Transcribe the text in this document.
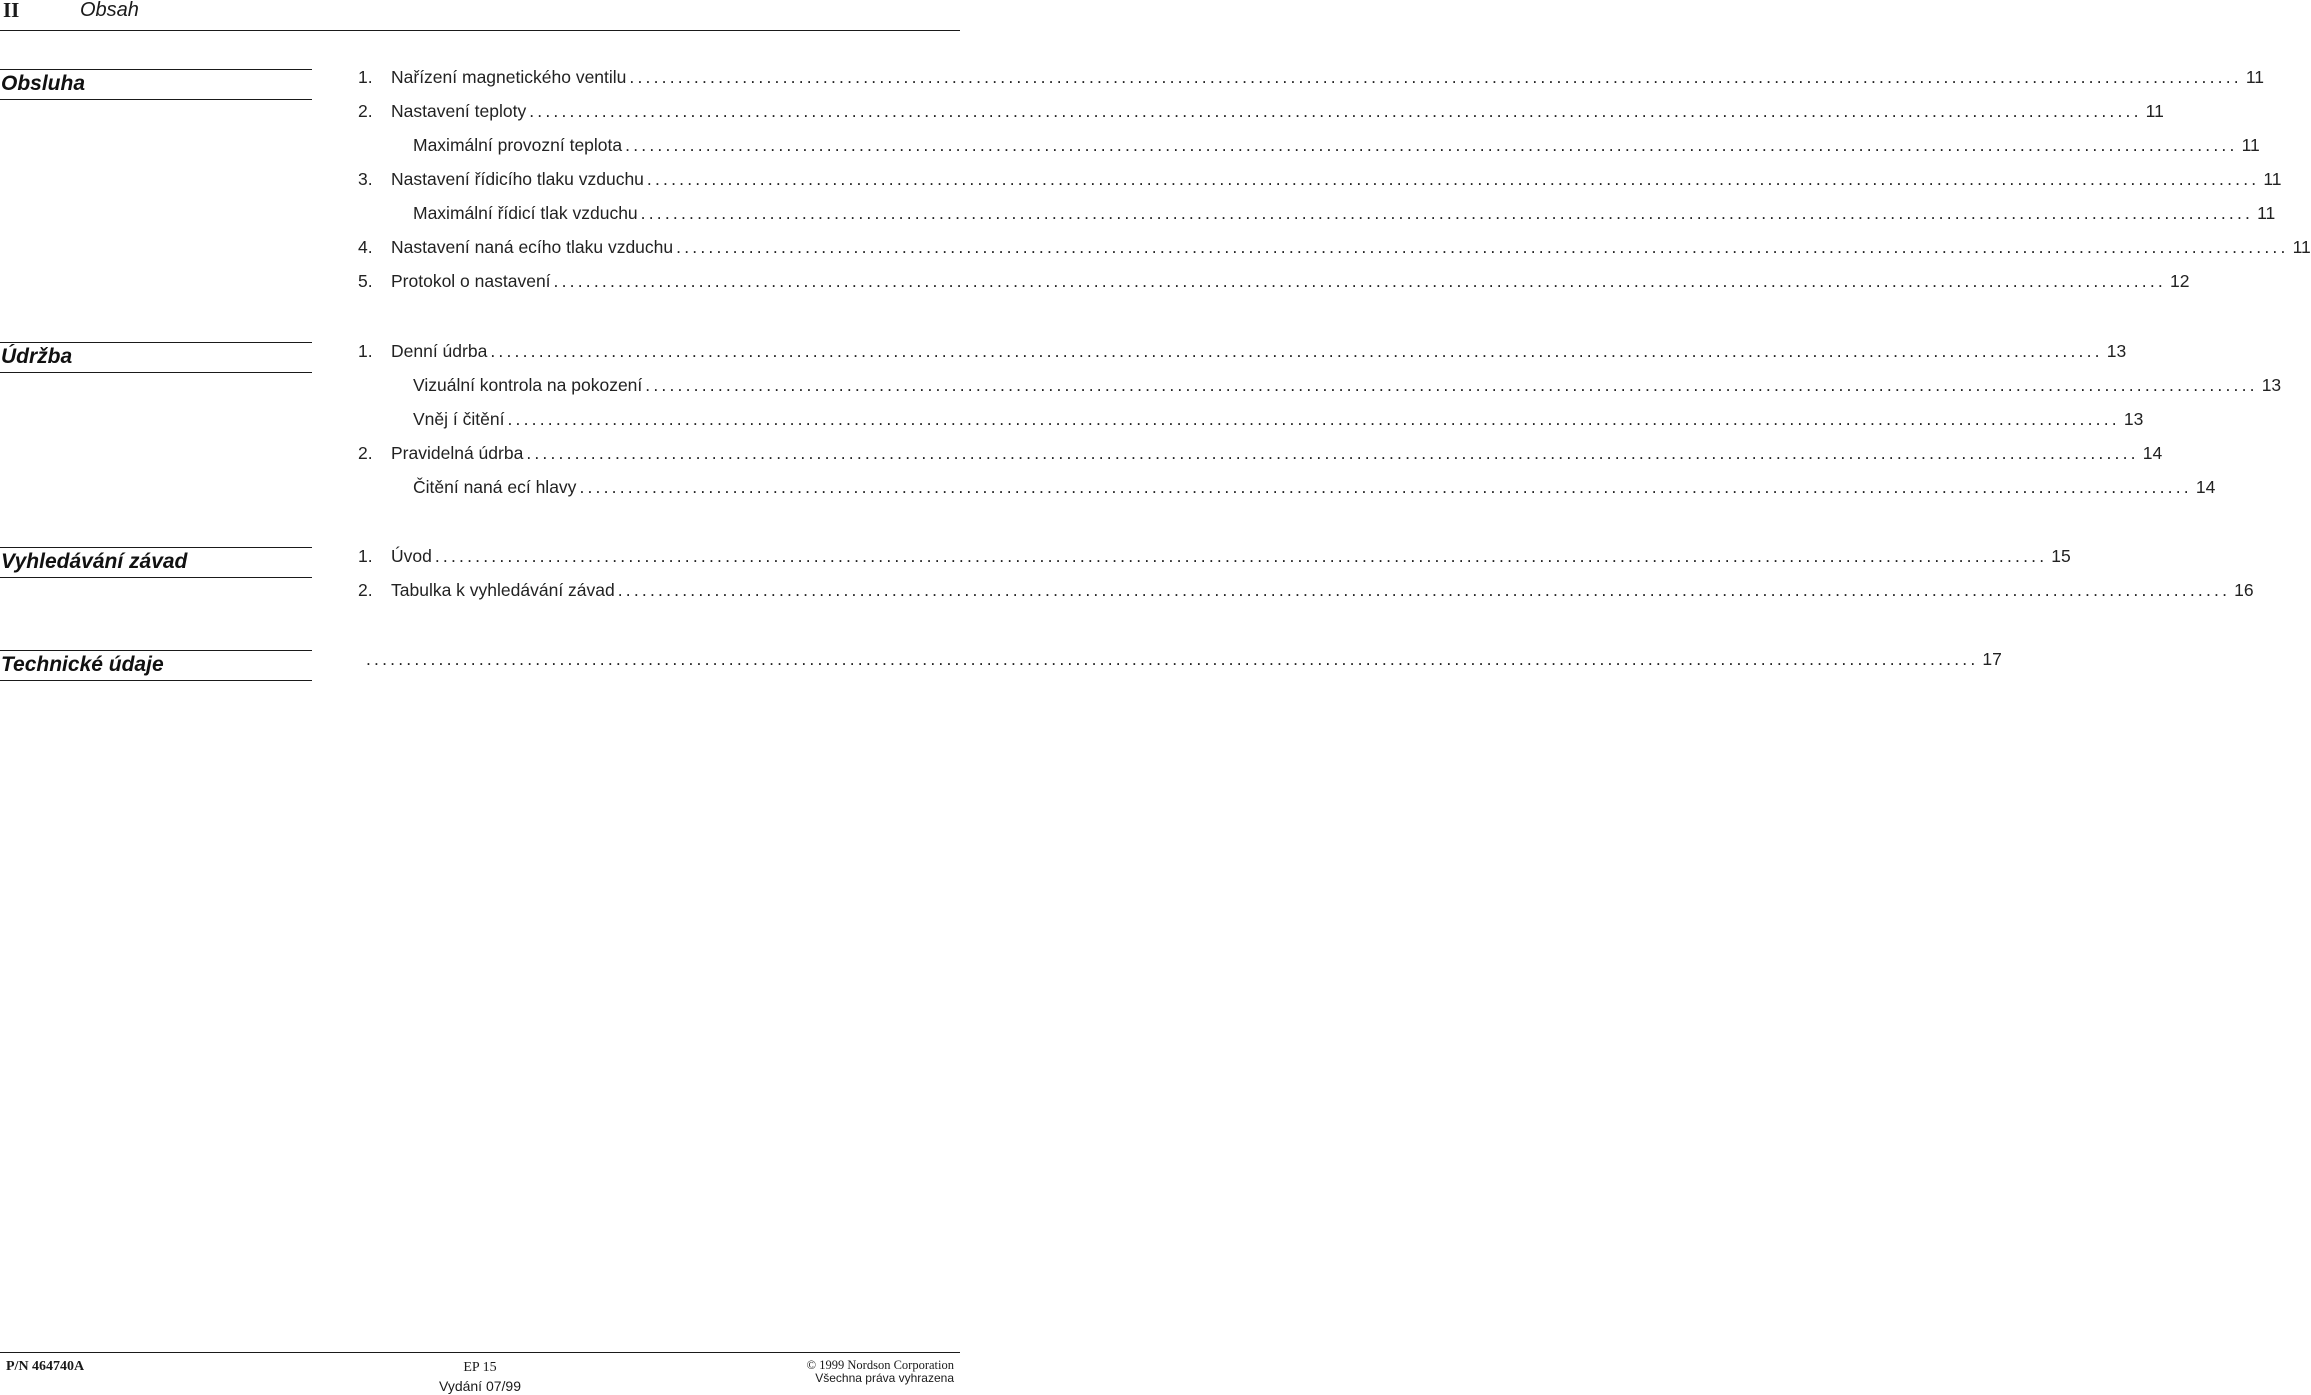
II	Obsah
Obsluha	1. Nařízení magnetického ventilu ........................................................................................................................................................................................................ 11
2. Nastavení teploty ........................................................................................................................................................................................................ 11
Maximální provozní teplota ........................................................................................................................................................................................................ 11
3. Nastavení řídicího tlaku vzduchu ........................................................................................................................................................................................................ 11
Maximální řídicí tlak vzduchu ........................................................................................................................................................................................................ 11
4. Nastavení naná ecího tlaku vzduchu ........................................................................................................................................................................................................ 11
5. Protokol o nastavení ........................................................................................................................................................................................................ 12
Údržba	1. Denní údrba ........................................................................................................................................................................................................ 13
Vizuální kontrola na pokození ........................................................................................................................................................................................................ 13
Vněj í čitění ........................................................................................................................................................................................................ 13
2. Pravidelná údrba ........................................................................................................................................................................................................ 14
Čitění naná ecí hlavy ........................................................................................................................................................................................................ 14
Vyhledávání závad	1. Úvod ........................................................................................................................................................................................................ 15
2. Tabulka k vyhledávání závad ........................................................................................................................................................................................................ 16
Technické údaje	........................................................................................................................................................................................................ 17
P/N 464740A	EP 15
Vydání 07/99
© 1999 Nordson Corporation
Všechna práva vyhrazena
